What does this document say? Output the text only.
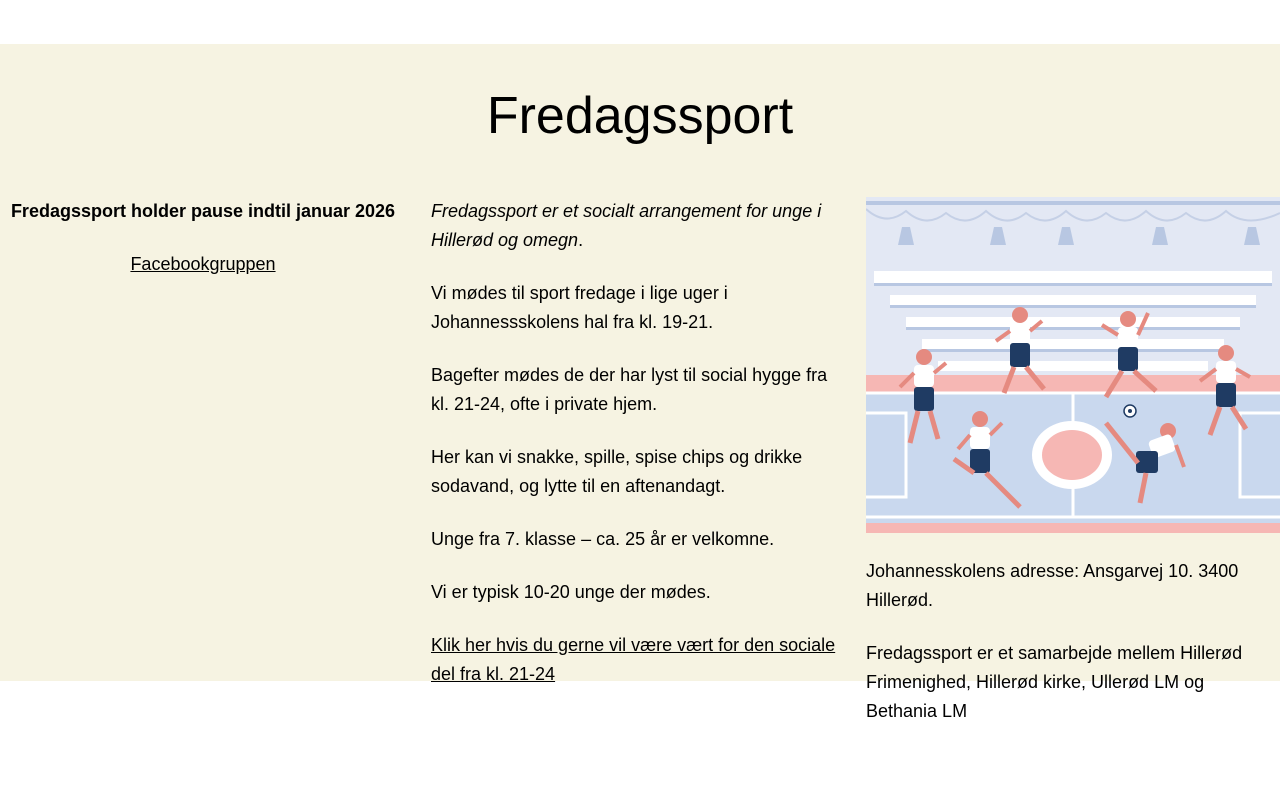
Fredagssport

Fredagssport holder pause indtil januar 2026

Facebookgruppen

Fredagssport er et socialt arrangement for unge i Hillerød og omegn.

Vi mødes til sport fredage i lige uger i Johannessskolens hal fra kl. 19-21.

Bagefter mødes de der har lyst til social hygge fra kl. 21-24, ofte i private hjem.

Her kan vi snakke, spille, spise chips og drikke sodavand, og lytte til en aftenandagt.

Unge fra 7. klasse – ca. 25 år er velkomne.

Vi er typisk 10-20 unge der mødes.

Klik her hvis du gerne vil være vært for den sociale del fra kl. 21-24

Johannesskolens adresse: Ansgarvej 10. 3400 Hillerød.

Fredagssport er et samarbejde mellem Hillerød Frimenighed, Hillerød kirke, Ullerød LM og Bethania LM
